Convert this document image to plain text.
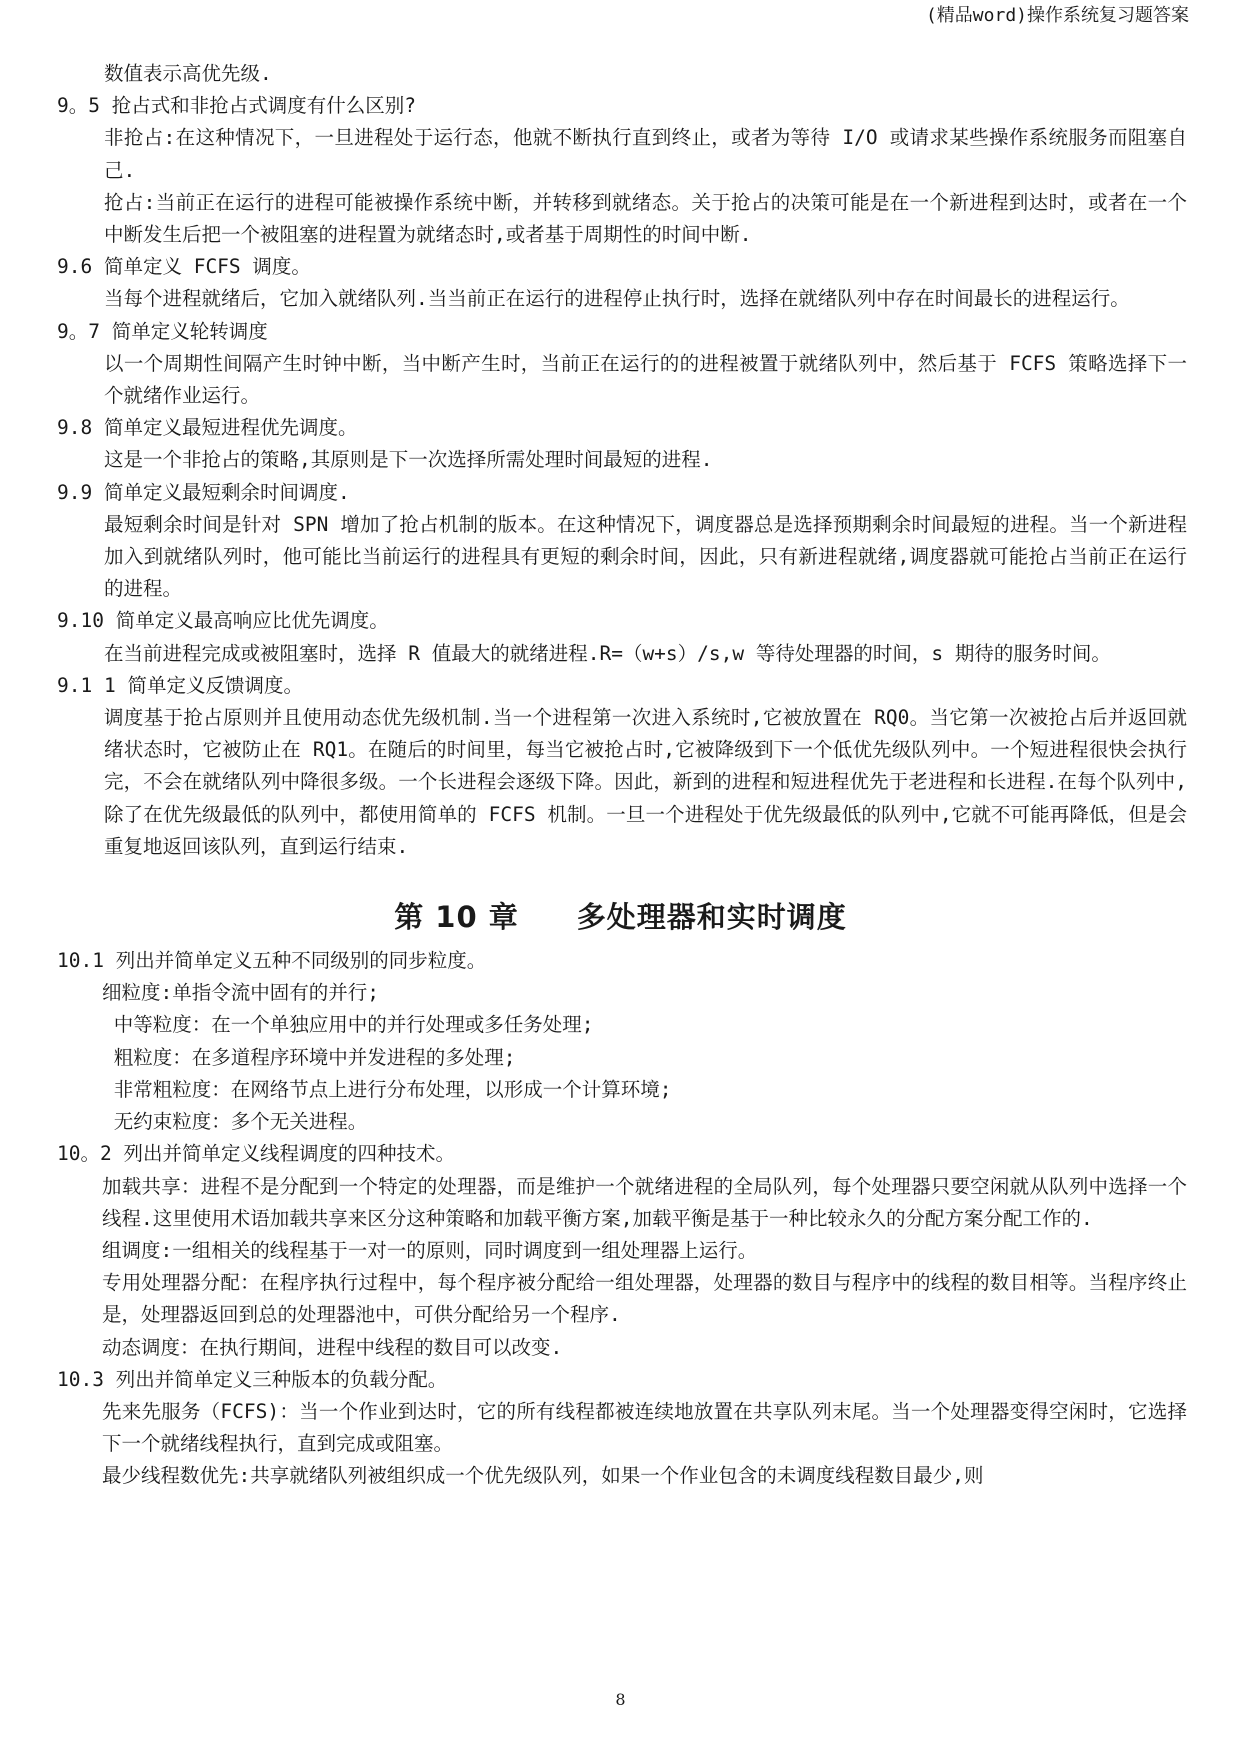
(精品word)操作系统复习题答案

数值表示高优先级.

9。5 抢占式和非抢占式调度有什么区别?

非抢占:在这种情况下，一旦进程处于运行态，他就不断执行直到终止，或者为等待 I/O 或请求某些操作系统服务而阻塞自己.

抢占:当前正在运行的进程可能被操作系统中断，并转移到就绪态。关于抢占的决策可能是在一个新进程到达时，或者在一个中断发生后把一个被阻塞的进程置为就绪态时,或者基于周期性的时间中断.

9.6 简单定义 FCFS 调度。

当每个进程就绪后，它加入就绪队列.当当前正在运行的进程停止执行时，选择在就绪队列中存在时间最长的进程运行。

9。7 简单定义轮转调度

以一个周期性间隔产生时钟中断，当中断产生时，当前正在运行的的进程被置于就绪队列中，然后基于 FCFS 策略选择下一个就绪作业运行。

9.8 简单定义最短进程优先调度。

这是一个非抢占的策略,其原则是下一次选择所需处理时间最短的进程.

9.9 简单定义最短剩余时间调度.

最短剩余时间是针对 SPN 增加了抢占机制的版本。在这种情况下，调度器总是选择预期剩余时间最短的进程。当一个新进程加入到就绪队列时，他可能比当前运行的进程具有更短的剩余时间，因此，只有新进程就绪,调度器就可能抢占当前正在运行的进程。

9.10 简单定义最高响应比优先调度。

在当前进程完成或被阻塞时，选择 R 值最大的就绪进程.R=（w+s）/s,w 等待处理器的时间，s 期待的服务时间。

9.1 1 简单定义反馈调度。

调度基于抢占原则并且使用动态优先级机制.当一个进程第一次进入系统时,它被放置在 RQ0。当它第一次被抢占后并返回就绪状态时，它被防止在 RQ1。在随后的时间里，每当它被抢占时,它被降级到下一个低优先级队列中。一个短进程很快会执行完，不会在就绪队列中降很多级。一个长进程会逐级下降。因此，新到的进程和短进程优先于老进程和长进程.在每个队列中,除了在优先级最低的队列中，都使用简单的 FCFS 机制。一旦一个进程处于优先级最低的队列中,它就不可能再降低，但是会重复地返回该队列，直到运行结束.

第 10 章 多处理器和实时调度

10.1 列出并简单定义五种不同级别的同步粒度。

细粒度:单指令流中固有的并行;

中等粒度：在一个单独应用中的并行处理或多任务处理;

粗粒度：在多道程序环境中并发进程的多处理;

非常粗粒度：在网络节点上进行分布处理，以形成一个计算环境;

无约束粒度：多个无关进程。

10。2 列出并简单定义线程调度的四种技术。

加载共享：进程不是分配到一个特定的处理器，而是维护一个就绪进程的全局队列，每个处理器只要空闲就从队列中选择一个线程.这里使用术语加载共享来区分这种策略和加载平衡方案,加载平衡是基于一种比较永久的分配方案分配工作的.

组调度:一组相关的线程基于一对一的原则，同时调度到一组处理器上运行。

专用处理器分配：在程序执行过程中，每个程序被分配给一组处理器，处理器的数目与程序中的线程的数目相等。当程序终止是，处理器返回到总的处理器池中，可供分配给另一个程序.

动态调度：在执行期间，进程中线程的数目可以改变.

10.3 列出并简单定义三种版本的负载分配。

先来先服务（FCFS)：当一个作业到达时，它的所有线程都被连续地放置在共享队列末尾。当一个处理器变得空闲时，它选择下一个就绪线程执行，直到完成或阻塞。

最少线程数优先:共享就绪队列被组织成一个优先级队列，如果一个作业包含的未调度线程数目最少,则

8
